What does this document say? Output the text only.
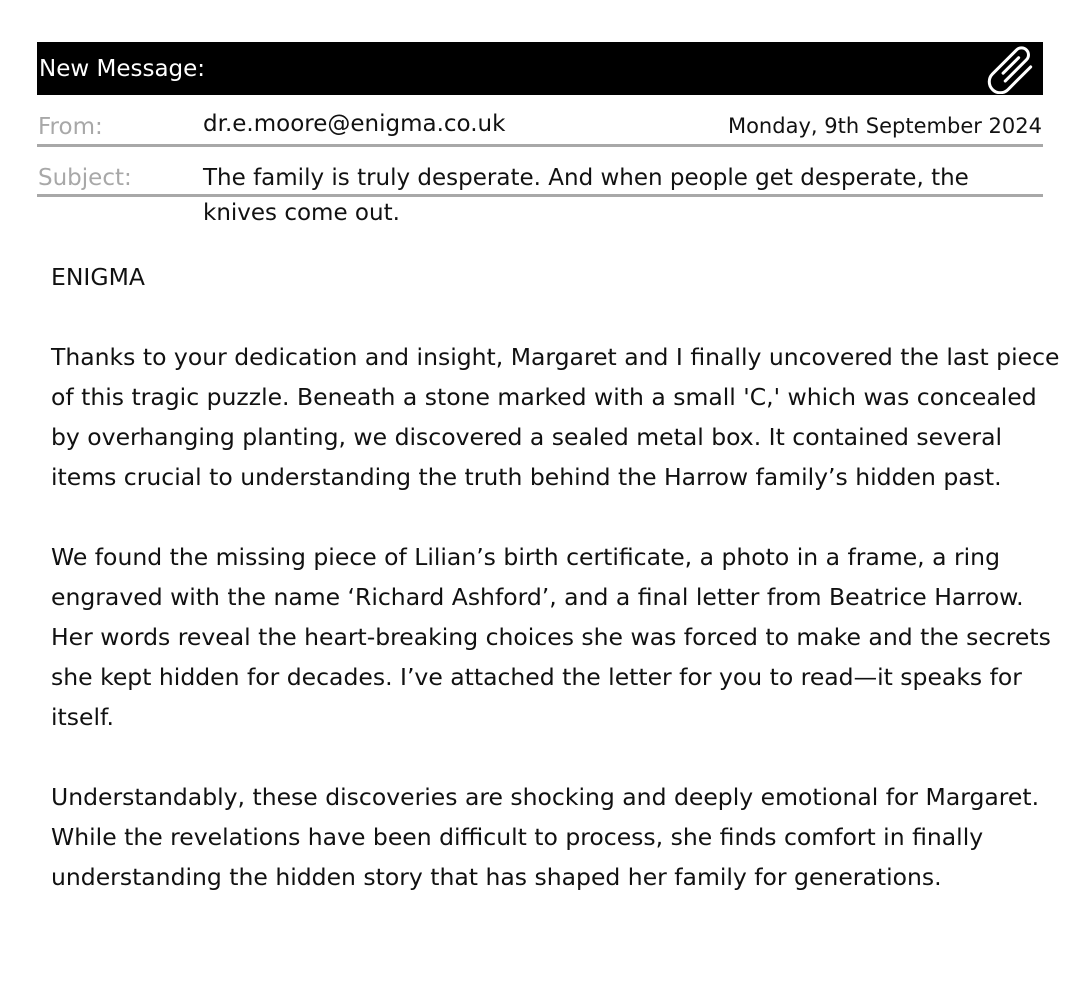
New Message:
From:	dr.e.moore@enigma.co.uk	Monday, 9th September 2024
Subject:	The family is truly desperate. And when people get desperate, the knives come out.

ENIGMA

Thanks to your dedication and insight, Margaret and I finally uncovered the last piece of this tragic puzzle. Beneath a stone marked with a small 'C,' which was concealed by overhanging planting, we discovered a sealed metal box. It contained several items crucial to understanding the truth behind the Harrow family’s hidden past.

We found the missing piece of Lilian’s birth certificate, a photo in a frame, a ring engraved with the name ‘Richard Ashford’, and a final letter from Beatrice Harrow. Her words reveal the heart-breaking choices she was forced to make and the secrets she kept hidden for decades. I’ve attached the letter for you to read—it speaks for itself.

Understandably, these discoveries are shocking and deeply emotional for Margaret. While the revelations have been difficult to process, she finds comfort in finally understanding the hidden story that has shaped her family for generations.
